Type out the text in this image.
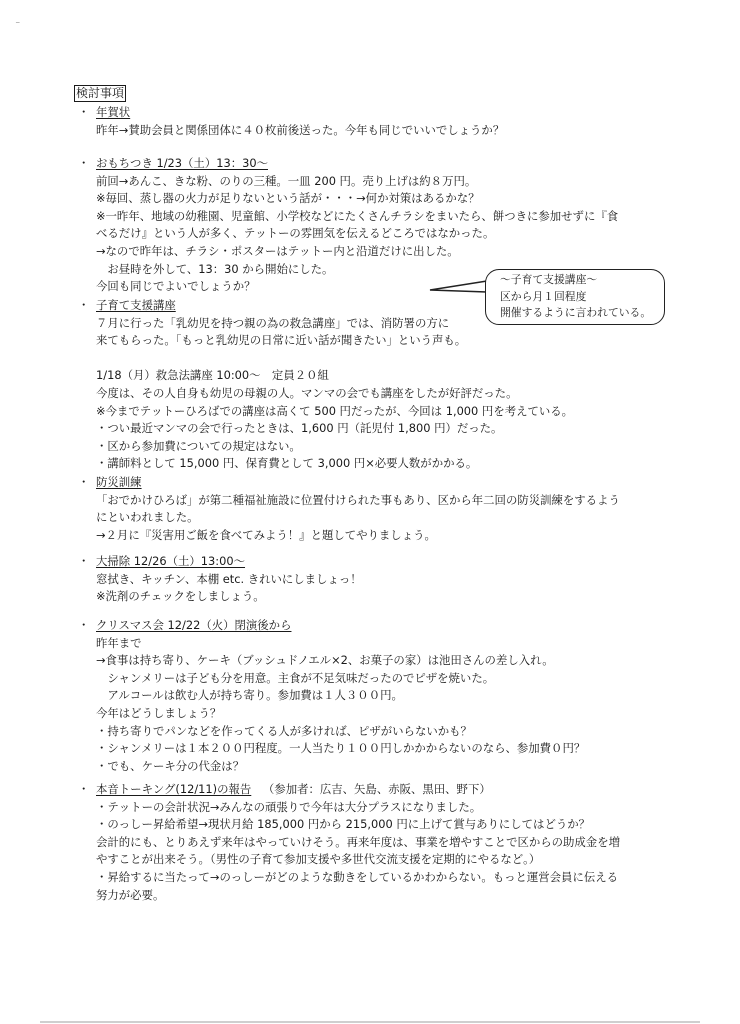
‾
検討事項
・ 年賀状
昨年→賛助会員と関係団体に４０枚前後送った。今年も同じでいいでしょうか？
・ おもちつき 1/23（土）13：30～
前回→あんこ、きな粉、のりの三種。一皿 200 円。売り上げは約８万円。
※毎回、蒸し器の火力が足りないという話が・・・→何か対策はあるかな？
※一昨年、地域の幼稚園、児童館、小学校などにたくさんチラシをまいたら、餅つきに参加せずに『食
べるだけ』という人が多く、テットーの雰囲気を伝えるどころではなかった。
→なので昨年は、チラシ・ポスターはテットー内と沿道だけに出した。
　お昼時を外して、13：30 から開始にした。
今回も同じでよいでしょうか？
・ 子育て支援講座
７月に行った「乳幼児を持つ親の為の救急講座」では、消防署の方に
来てもらった。「もっと乳幼児の日常に近い話が聞きたい」という声も。
1/18（月）救急法講座 10:00～　定員２０組
今度は、その人自身も幼児の母親の人。マンマの会でも講座をしたが好評だった。
※今までテットーひろばでの講座は高くて 500 円だったが、今回は 1,000 円を考えている。
・つい最近マンマの会で行ったときは、1,600 円（託児付 1,800 円）だった。
・区から参加費についての規定はない。
・講師料として 15,000 円、保育費として 3,000 円×必要人数がかかる。
・ 防災訓練
「おでかけひろば」が第二種福祉施設に位置付けられた事もあり、区から年二回の防災訓練をするよう
にといわれました。
→２月に『災害用ご飯を食べてみよう！』と題してやりましょう。
・ 大掃除 12/26（土）13:00～
窓拭き、キッチン、本棚 etc. きれいにしましょっ！
※洗剤のチェックをしましょう。
・ クリスマス会 12/22（火）閉演後から
昨年まで
→食事は持ち寄り、ケーキ（ブッシュドノエル×2、お菓子の家）は池田さんの差し入れ。
　シャンメリーは子ども分を用意。主食が不足気味だったのでピザを焼いた。
　アルコールは飲む人が持ち寄り。参加費は１人３００円。
今年はどうしましょう？
・持ち寄りでパンなどを作ってくる人が多ければ、ピザがいらないかも？
・シャンメリーは１本２００円程度。一人当たり１００円しかかからないのなら、参加費０円？
・でも、ケーキ分の代金は？
・ 本音トーキング(12/11)の報告 （参加者：広吉、矢島、赤阪、黒田、野下）
・テットーの会計状況→みんなの頑張りで今年は大分プラスになりました。
・のっしー昇給希望→現状月給 185,000 円から 215,000 円に上げて賞与ありにしてはどうか？
会計的にも、とりあえず来年はやっていけそう。再来年度は、事業を増やすことで区からの助成金を増
やすことが出来そう。（男性の子育て参加支援や多世代交流支援を定期的にやるなど。）
・昇給するに当たって→のっしーがどのような動きをしているかわからない。もっと運営会員に伝える
努力が必要。
～子育て支援講座～
区から月１回程度
開催するように言われている。
